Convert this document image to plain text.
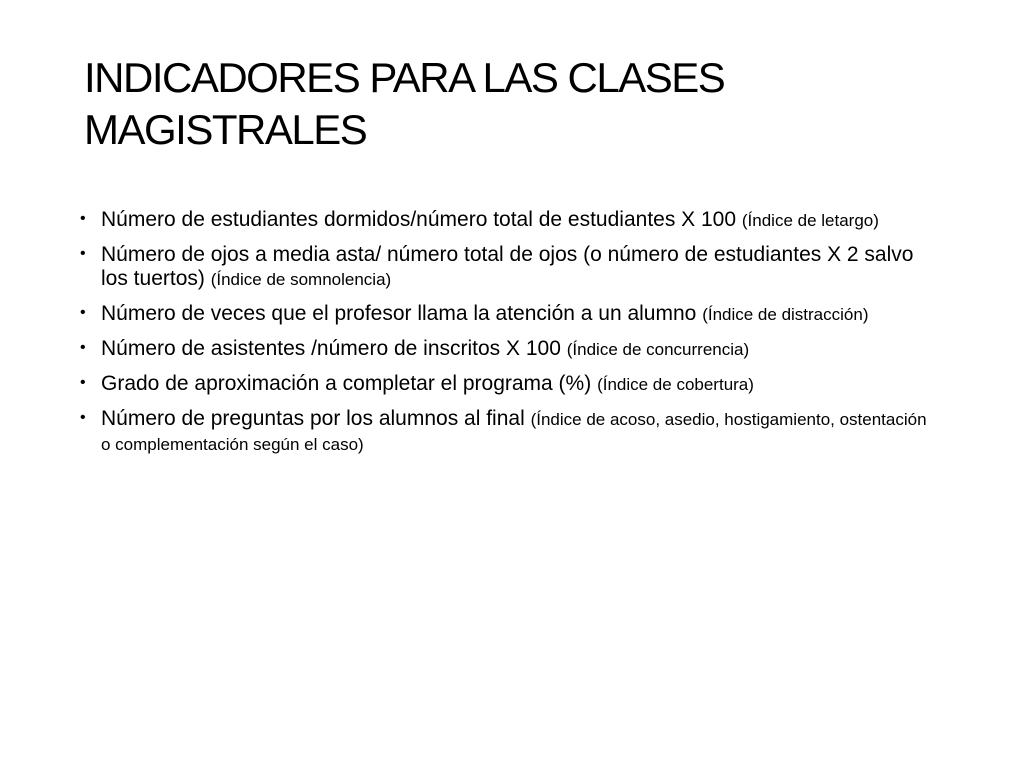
INDICADORES PARA LAS CLASES MAGISTRALES
• Número de estudiantes dormidos/número total de estudiantes X 100 (Índice de letargo)
• Número de ojos a media asta/ número total de ojos (o número de estudiantes X 2 salvo los tuertos) (Índice de somnolencia)
• Número de veces que el profesor llama la atención a un alumno (Índice de distracción)
• Número de asistentes /número de inscritos X 100 (Índice de concurrencia)
• Grado de aproximación a completar el programa (%) (Índice de cobertura)
• Número de preguntas por los alumnos al final (Índice de acoso, asedio, hostigamiento, ostentación o complementación según el caso)
